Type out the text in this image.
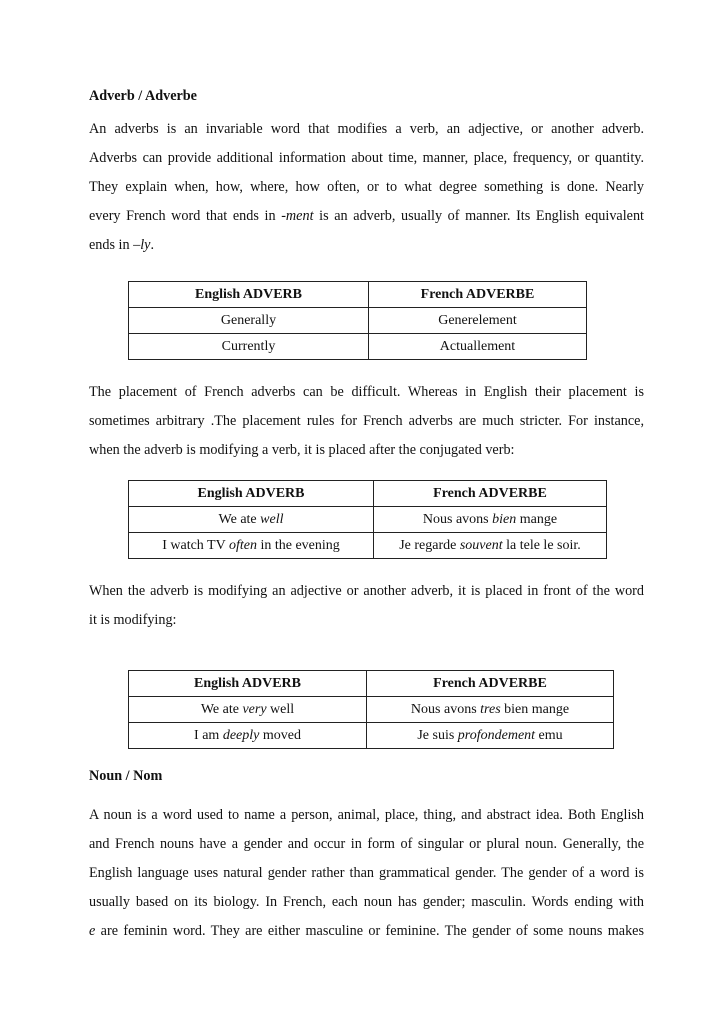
Adverb / Adverbe

An adverbs is an invariable word that modifies a verb, an adjective, or another adverb.
Adverbs can provide additional information about time, manner, place, frequency, or quantity.
They explain when, how, where, how often, or to what degree something is done. Nearly
every French word that ends in -ment is an adverb, usually of manner. Its English equivalent
ends in –ly.
English ADVERB	French ADVERBE
Generally	Generelement
Currently	Actuallement
The placement of French adverbs can be difficult. Whereas in English their placement is
sometimes arbitrary .The placement rules for French adverbs are much stricter. For instance,
when the adverb is modifying a verb, it is placed after the conjugated verb:
English ADVERB	French ADVERBE
We ate well	Nous avons bien mange
I watch TV often in the evening	Je regarde souvent la tele le soir.
When the adverb is modifying an adjective or another adverb, it is placed in front of the word
it is modifying:
English ADVERB	French ADVERBE
We ate very well	Nous avons tres bien mange
I am deeply moved	Je suis profondement emu

Noun / Nom

A noun is a word used to name a person, animal, place, thing, and abstract idea. Both English
and French nouns have a gender and occur in form of singular or plural noun. Generally, the
English language uses natural gender rather than grammatical gender. The gender of a word is
usually based on its biology. In French, each noun has gender; masculin. Words ending with
e are feminin word. They are either masculine or feminine. The gender of some nouns makes
